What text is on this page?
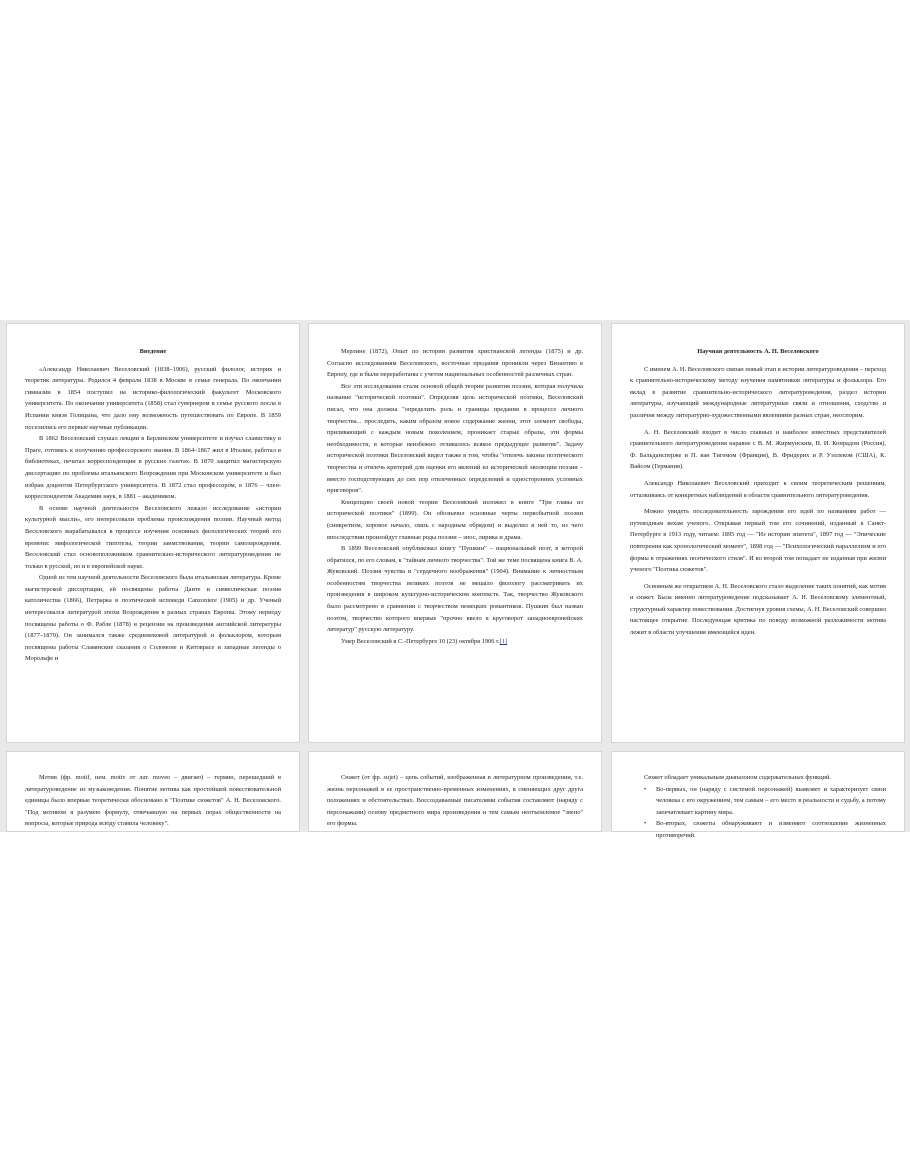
Введение

«Александр Николаевич Веселовский (1838–1906), русский филолог, историк и теоретик литературы. Родился 4 февраля 1838 в Москве в семье генерала. По окончании гимназии в 1854 поступил на историко-филологический факультет Московского университета. По окончании университета (1858) стал гувернером в семье русского посла в Испании князя Голицына, что дало ему возможность путешествовать по Европе. В 1859 поселились его первые научные публикации.

В 1862 Веселовский слушал лекции в Берлинском университете и изучал славистику в Праге, готовясь к получению профессорского звания. В 1864–1867 жил в Италии, работал в библиотеках, печатал корреспонденции в русских газетах. В 1870 защитил магистерскую диссертацию по проблемы итальянского Возрождения при Московском университете и был избран доцентом Петербургского университета. В 1872 стал профессором, в 1876 – член-корреспондентом Академии наук, в 1881 – академиком.

В основе научной деятельности Веселовского лежало исследование «истории культурной мысли», его интересовали проблемы происхождения поэзии. Научный метод Веселовского вырабатывался в процессе изучения основных филологических теорий его времени: мифологической гипотезы, теории заимствования, теории самозарождения. Веселовский стал основоположником сравнительно-исторического литературоведения не только в русской, но и в европейской науке.

Одной из тем научной деятельности Веселовского была итальянская литература. Кроме магистерской диссертации, ей посвящены работы Данте и символическая поэзия католичества (1866), Петрарка в поэтической исповеди Canzoniere (1905) и др. Ученый интересовался литературой эпохи Возрождения в разных странах Европы. Этому периоду посвящены работы о Ф. Рабле (1878) и рецензии на произведения английской литературы (1877–1879). Он занимался также средневековой литературой и фольклором, которым посвящены работы Славянские сказания о Соломоне и Китоврасе и западные легенды о Морольфе и

Мерлине (1872), Опыт по истории развития христианской легенды (1875) и др. Согласно исследованиям Веселовского, восточные предания проникли через Византию в Европу, где и были переработаны с учетом национальных особенностей различных стран.

Все эти исследования стали основой общей теории развития поэзии, которая получила название "исторической поэтики". Определяя цель исторической поэтики, Веселовский писал, что она должна "определить роль и границы предания в процессе личного творчества... проследить, каким образом новое содержание жизни, этот элемент свободы, приливающий с каждым новым поколением, проникает старые образы, эти формы необходимости, в которые неизбежно отливалось всякое предыдущее развитие". Задачу исторической поэтики Веселовский видел также в том, чтобы "отвлечь законы поэтического творчества и отвлечь критерий для оценки его явлений из исторической эволюции поэзии – вместо господствующих до сих пор отвлеченных определений и односторонних условных приговоров".

Концепцию своей новой теории Веселовский изложил в книге "Три главы из исторической поэтики" (1899). Он обозначил основные черты первобытной поэзии (синкретизм, хоровое начало, связь с народным обрядом) и выделил в ней то, из чего впоследствии произойдут главные роды поэзии – эпос, лирика и драма.

В 1899 Веселовский опубликовал книгу "Пушкин" – национальный поэт, в которой обратился, по его словам, к "тайнам личного творчества". Той же теме посвящена книга В. А. Жуковский. Поэзия чувства и "сердечного воображения" (1904). Внимание к личностным особенностям творчества великих поэтов не мешало филологу рассматривать их произведения в широком культурно-историческом контексте. Так, творчество Жуковского было рассмотрено в сравнении с творчеством немецких романтиков. Пушкин был назван поэтом, творчество которого впервые "прочно ввело в круговорот западноевропейских литератур" русскую литературу.

Умер Веселовский в С.-Петербурге 10 (23) октября 1906 г.[1]

Научная деятельность А. Н. Веселовского

С именем А. Н. Веселовского связан новый этап в истории литературоведения – переход к сравнительно-историческому методу изучения памятников литературы и фольклора. Его вклад в развитие сравнительно-исторического литературоведения, раздел истории литературы, изучающий международные литературные связи и отношения, сходство и различия между литературно-художественными явлениями разных стран, неоспорим.

А. Н. Веселовский входит в число главных и наиболее известных представителей сравнительного литературоведения наравне с В. М. Жирмунским, Н. И. Конрадом (Россия), Ф. Бальдансперже и П. ван Тигемом (Франция), В. Фридерих и Р. Уэллеком (США), К. Вайсом (Германия).

Александр Николаевич Веселовский приходит к своим теоретическим решениям, отталкиваясь от конкретных наблюдений в области сравнительного литературоведения.

Можно увидеть последовательность зарождения его идей по названиям работ — путеводным вехам ученого. Открывая первый том его сочинений, изданный в Санкт-Петербурге в 1913 году, читаем: 1895 год — "Из истории эпитета", 1897 год — "Эпические повторения как хронологический момент", 1898 год — "Психологический параллелизм и его формы в отражениях поэтического стиля". И во второй том попадает не изданная при жизни ученого "Поэтика сюжетов".

Основным же открытием А. Н. Веселовского стало выделение таких понятий, как мотив и сюжет. Была именно литературоведение подсказывает А. Н. Веселовскому элементный, структурный характер повествования. Достигнув уровня схемы, А. Н. Веселовский совершил настоящее открытие. Последующая критика по поводу возможной разложимости мотива лежит в области улучшения имеющейся идеи.

Мотив (фр. motif, нем. motiv от лат. moveo – двигаю) – термин, перешедший в литературоведение из музыковедения. Понятие мотива как простейшей повествовательной единицы было впервые теоретически обосновано в "Поэтике сюжетов" А. Н. Веселовского. "Под мотивом я разумею формулу, отвечавшую на первых порах общественности на вопросы, которые природа всюду ставила человеку".

Сюжет (от фр. sujet) – цепь событий, изображенная в литературном произведении, т.е. жизнь персонажей в ее пространственно-временных изменениях, в сменяющих друг друга положениях и обстоятельствах. Воссоздаваемые писателями события составляют (наряду с персонажами) основу предметного мира произведения и тем самым неотъемлемое "звено" его формы.

Сюжет обладает уникальным диапазоном содержательных функций.

• Во-первых, он (наряду с системой персонажей) выявляет и характеризует связи человека с его окружением, тем самым – его место в реальности и судьбу, а потому запечатлевает картину мира.
• Во-вторых, сюжеты обнаруживают и изменяют соотношение жизненных противоречий.
